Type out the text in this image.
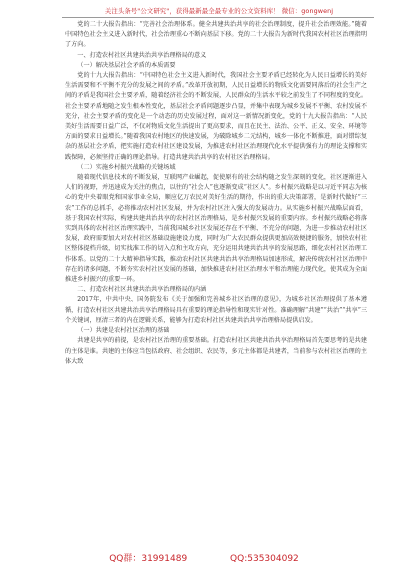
关注头条号"公文研究"，获得最新最全最专业的公文资料库！ 微信：gongwenj

党的二十大报告指出：“完善社会治理体系。健全共建共治共享的社会治理制度，提升社会治理效能。”随着中国特色社会主义进入新时代，社会治理重心不断向基层下移。党的二十大报告为新时代我国农村社区治理指明了方向。

一、打造农村社区共建共治共享治理格局的意义

（一）解决基层社会矛盾的本质需要

党的十九大报告指出：“中国特色社会主义进入新时代，我国社会主要矛盾已经转化为人民日益增长的美好生活需要和不平衡不充分的发展之间的矛盾。”改革开放初期，人民日益增长的物质文化需要同落后的社会生产之间的矛盾是我国社会主要矛盾，随着经济社会的不断发展，人民群众的生活水平较之前发生了不同程度的变化。社会主要矛盾地随之发生根本性变化，基层社会矛盾问题逐步凸显，并集中表现为城乡发展不平衡、农村发展不充分，社会主要矛盾的变化是一个动态的历史发展过程，面对这一新情况新变化，党的十九大报告指出：“人民美好生活需要日益广泛，不仅对物质文化生活提出了更高要求，而且在民主、法治、公平、正义、安全、环境等方面的要求日益增长。”随着我国农村地区的快速发展，为破除城乡二元结构，城乡一体化不断推进，面对错综复杂的基层社会矛盾，把实施打造农村社区建设发展，为推进农村社区治理现代化水平提供强有力的理论支撑和实践保障，必须坚持正确的理论指导。打造共建共治共享的农村社区治理格局。

（二）实施乡村振兴战略的关键场域

随着现代信息技术的不断发展，互联网产业崛起，促使原有的社会结构随之发生深刻的变化，社区逐渐进入人们的视野，并迅速成为关注的焦点，以往的“社会人”也逐渐变成“社区人”。乡村振兴战略是以习近平同志为核心的党中央着眼党和国家事业全局，顺应亿万农民对美好生活的期待，作出的重大决策部署，是新时代做好“三农”工作的总抓手，必将推动农村社区发展，并为农村社区注入强大的发展动力。从实施乡村振兴战略层面看，基于我国农村实际，构建共建共治共享的农村社区治理格局，是乡村振兴发展的重要内容。乡村振兴战略必将落实到具体的农村社区治理实践中，当前我国城乡社区发展还存在不平衡、不充分的问题，为进一步推动农村社区发展，政府需要加大对农村社区基础设施建设力度，同时为广大农民群众提供更加高效便捷的服务，加快农村社区整体提档升级，切实找准工作的切入点和主攻方向，充分运用共建共治共享的发展思路，细化农村社区治理工作体系。以党的二十大精神指导实践，推动农村社区共建共治共享治理格局加速形成，解决传统农村社区治理中存在的诸多问题，不断夯实农村社区发展的基础，加快推进农村社区治理水平和治理能力现代化，使其成为全面推进乡村振兴的重要一环。

二、打造农村社区共建共治共享治理格局的内涵

2017年，中共中央、国务院发布《关于加强和完善城乡社区治理的意见》，为城乡社区治理提供了基本遵循，打造农村社区共建共治共享治理格局具有重要的理论指导性和现实针对性。准确理解“共建”“共治”“共享”三个关键词，厘清三者的内在逻辑关系，能够为打造农村社区共建共治共享治理格局提供启发。

（一）共建是农村社区治理的基础

共建是共享的前提，是农村社区治理的重要基础。打造农村社区共建共治共享治理格局首先要思考的是共建的主体是谁。共建的主体应当包括政府、社会组织、农民等，多元主体都是共建者，当前参与农村社区治理的主体大致

QQ群：31991489	QQ:535304092
